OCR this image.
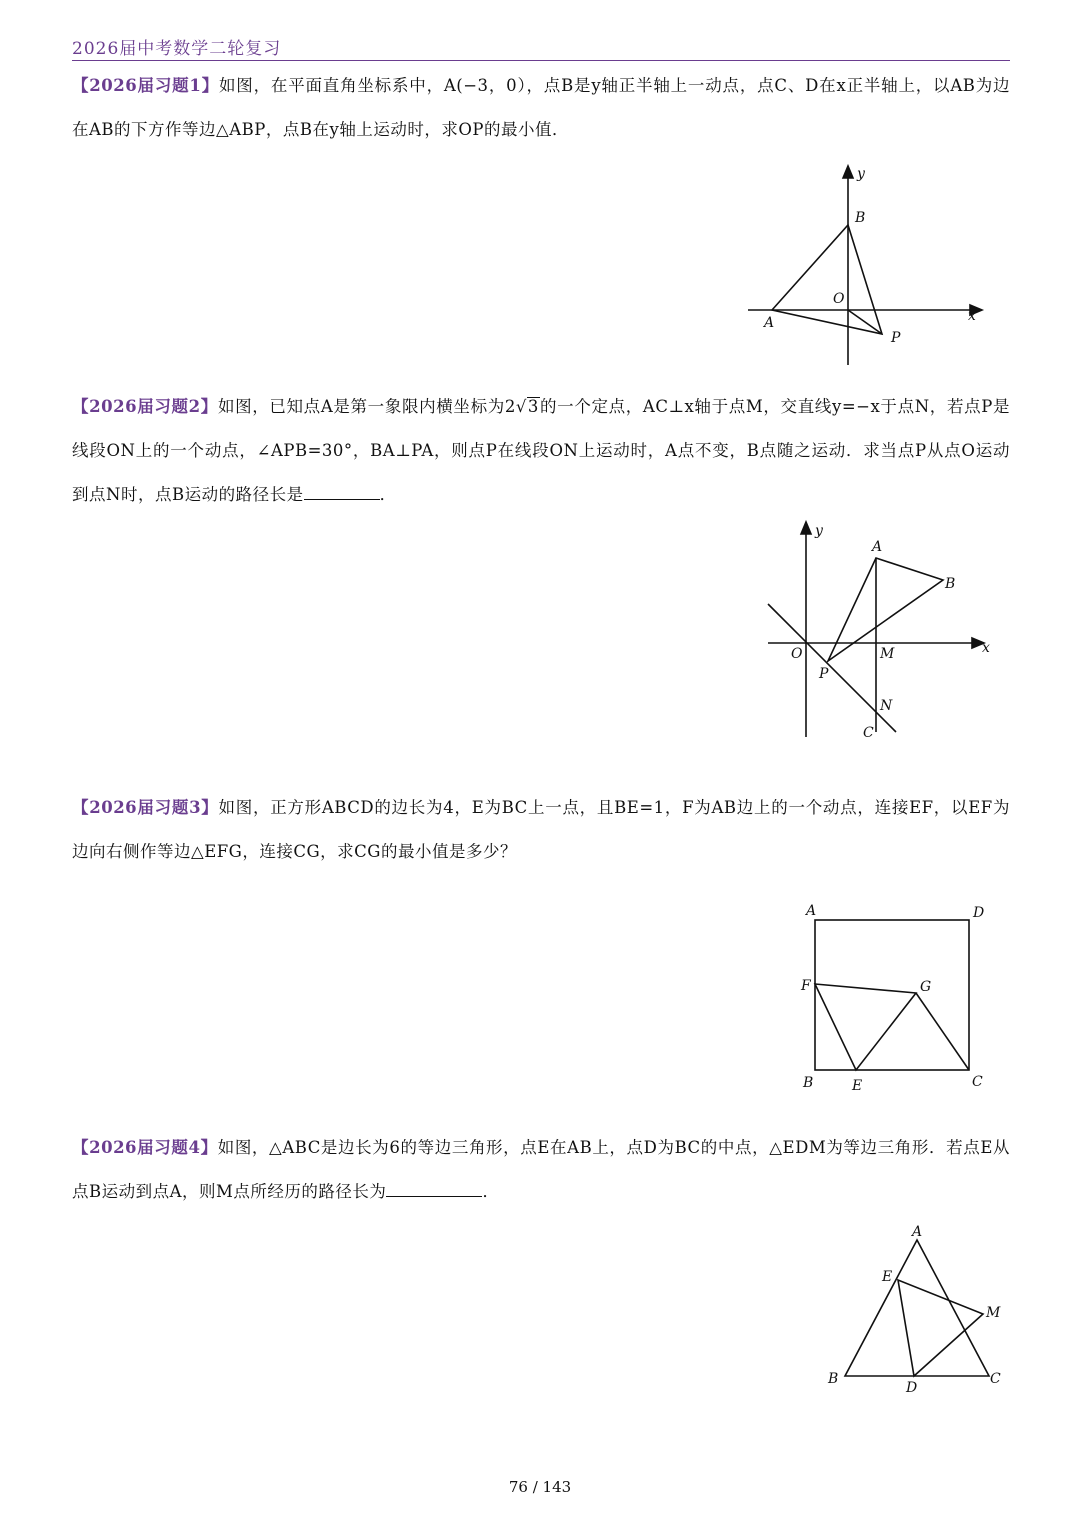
2026届中考数学二轮复习
【2026届习题1】如图，在平面直角坐标系中，A(−3，0），点B是y轴正半轴上一动点，点C、D在x正半轴上，以AB为边在AB的下方作等边△ABP，点B在y轴上运动时，求OP的最小值．
y
x
B
O
A
P
【2026届习题2】如图，已知点A是第一象限内横坐标为2√3的一个定点，AC⊥x轴于点M，交直线y=−x于点N，若点P是线段ON上的一个动点，∠APB=30°，BA⊥PA，则点P在线段ON上运动时，A点不变，B点随之运动．求当点P从点O运动到点N时，点B运动的路径长是	．
y
x
A
B
O	M
P
N
C
【2026届习题3】如图，正方形ABCD的边长为4，E为BC上一点，且BE=1，F为AB边上的一个动点，连接EF，以EF为边向右侧作等边△EFG，连接CG，求CG的最小值是多少？
A	D
F	G
B	E	C
【2026届习题4】如图，△ABC是边长为6的等边三角形，点E在AB上，点D为BC的中点，△EDM为等边三角形．若点E从点B运动到点A，则M点所经历的路径长为	．
A
E
M
B
D
C
76 / 143
